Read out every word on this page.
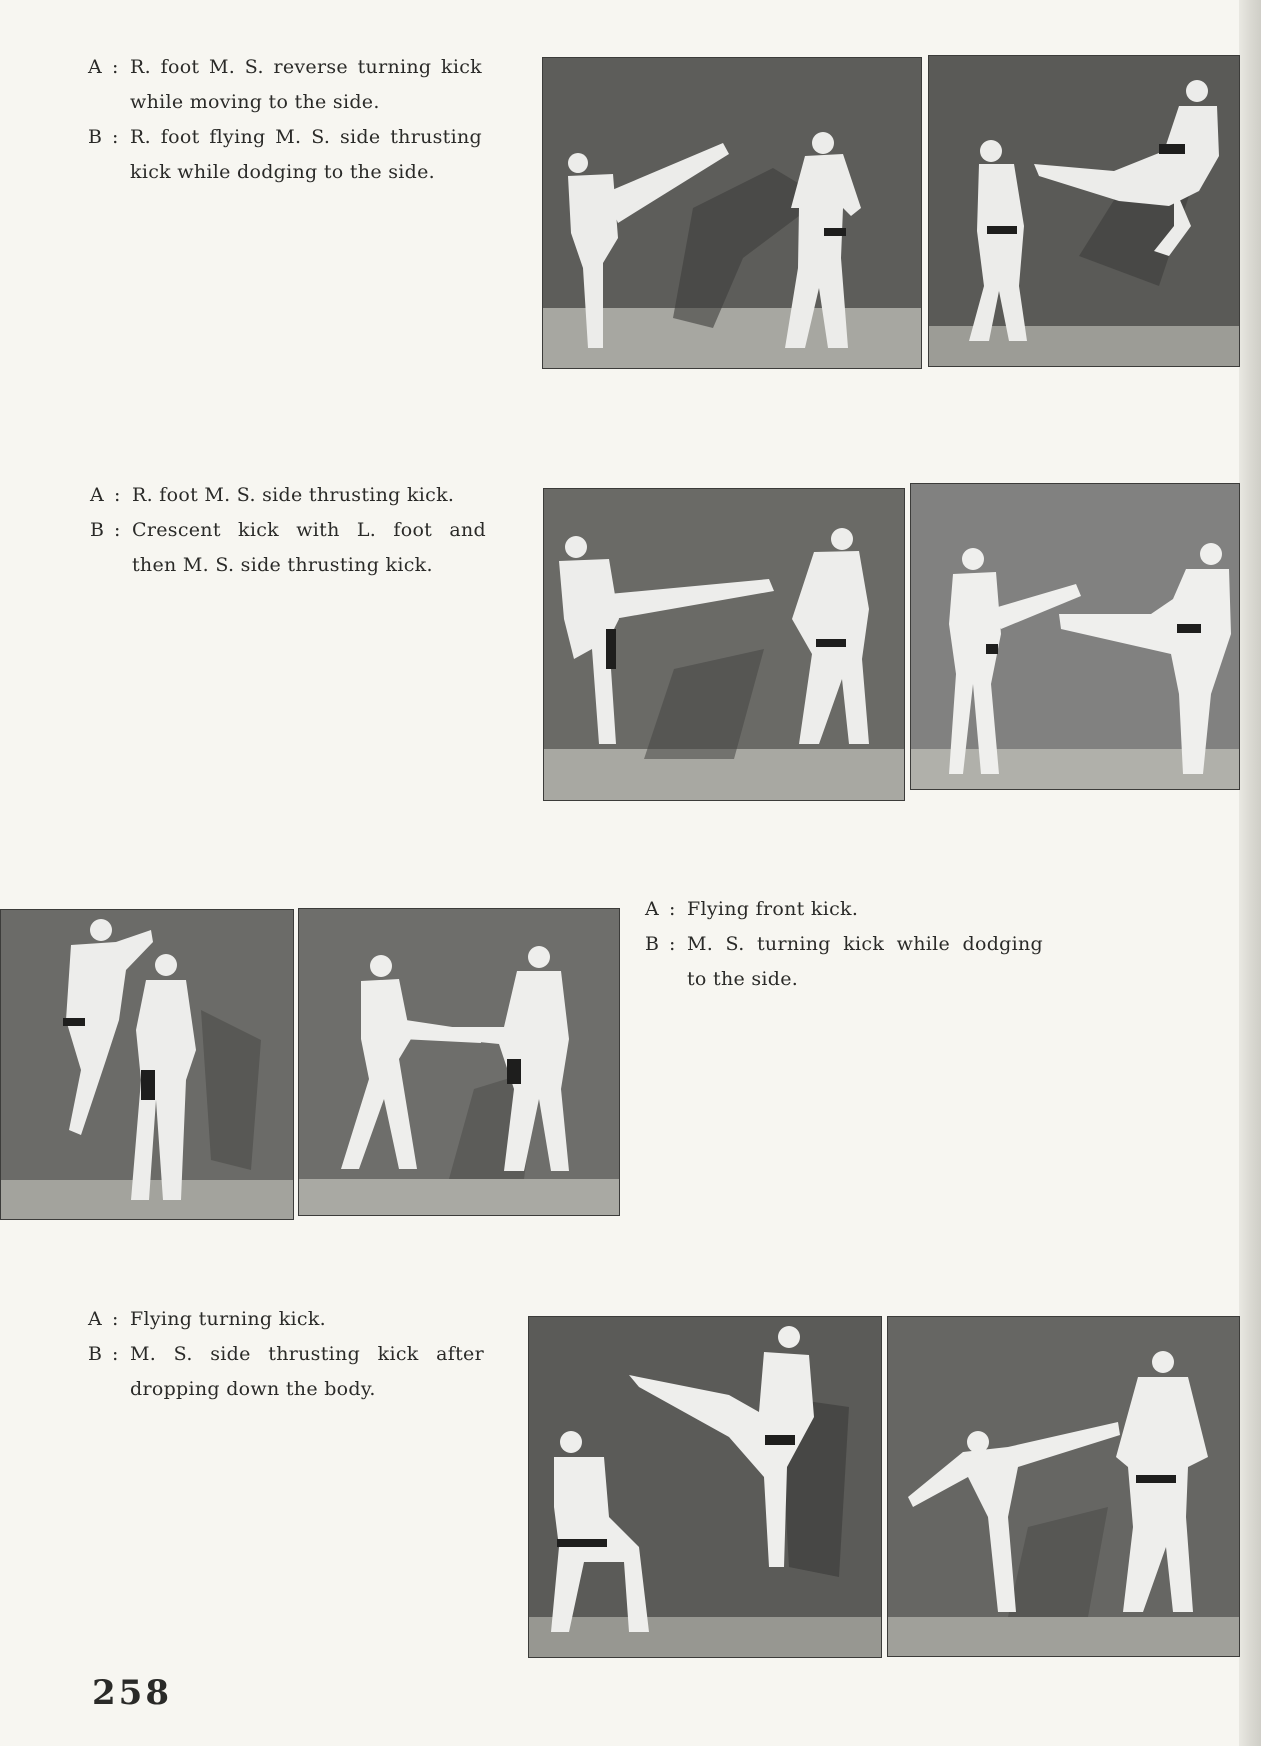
A : R. foot M. S. reverse turning kick
while moving to the side.
B : R. foot flying M. S. side thrusting
kick while dodging to the side.
A : R. foot M. S. side thrusting kick.
B : Crescent kick with L. foot and
then M. S. side thrusting kick.
A : Flying front kick.
B : M. S. turning kick while dodging
to the side.
A : Flying turning kick.
B : M. S. side thrusting kick after
dropping down the body.
258
